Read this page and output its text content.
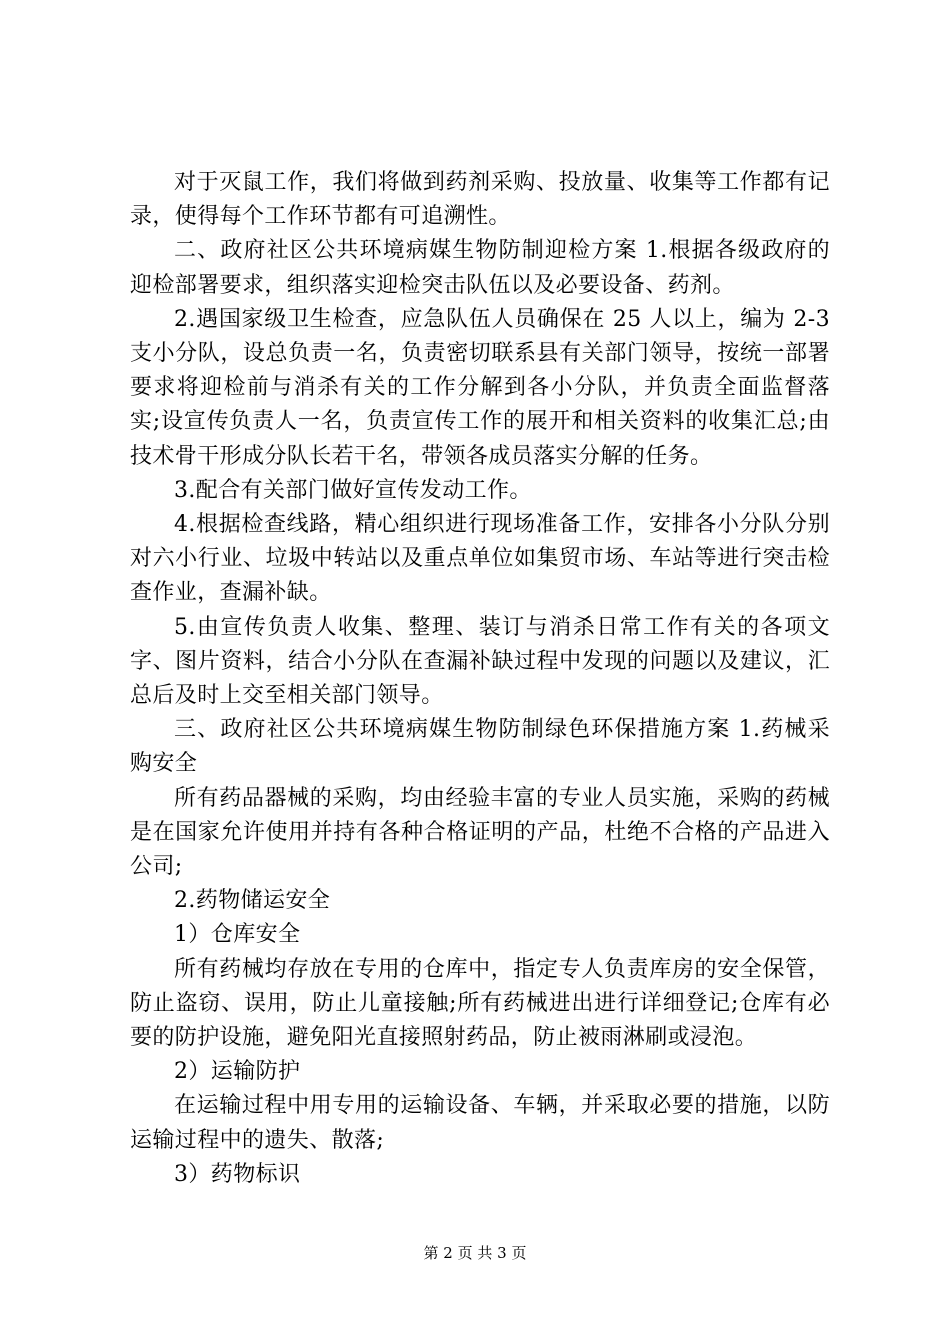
对于灭鼠工作，我们将做到药剂采购、投放量、收集等工作都有记录，使得每个工作环节都有可追溯性。

二、政府社区公共环境病媒生物防制迎检方案 1.根据各级政府的迎检部署要求，组织落实迎检突击队伍以及必要设备、药剂。

2.遇国家级卫生检查，应急队伍人员确保在 25 人以上，编为 2-3 支小分队，设总负责一名，负责密切联系县有关部门领导，按统一部署要求将迎检前与消杀有关的工作分解到各小分队，并负责全面监督落实;设宣传负责人一名，负责宣传工作的展开和相关资料的收集汇总;由技术骨干形成分队长若干名，带领各成员落实分解的任务。

3.配合有关部门做好宣传发动工作。

4.根据检查线路，精心组织进行现场准备工作，安排各小分队分别对六小行业、垃圾中转站以及重点单位如集贸市场、车站等进行突击检查作业，查漏补缺。

5.由宣传负责人收集、整理、装订与消杀日常工作有关的各项文字、图片资料，结合小分队在查漏补缺过程中发现的问题以及建议，汇总后及时上交至相关部门领导。

三、政府社区公共环境病媒生物防制绿色环保措施方案 1.药械采购安全

所有药品器械的采购，均由经验丰富的专业人员实施，采购的药械是在国家允许使用并持有各种合格证明的产品，杜绝不合格的产品进入公司;

2.药物储运安全

1）仓库安全

所有药械均存放在专用的仓库中，指定专人负责库房的安全保管，防止盗窃、误用，防止儿童接触;所有药械进出进行详细登记;仓库有必要的防护设施，避免阳光直接照射药品，防止被雨淋刷或浸泡。

2）运输防护

在运输过程中用专用的运输设备、车辆，并采取必要的措施，以防运输过程中的遗失、散落;

3）药物标识

第 2 页 共 3 页
